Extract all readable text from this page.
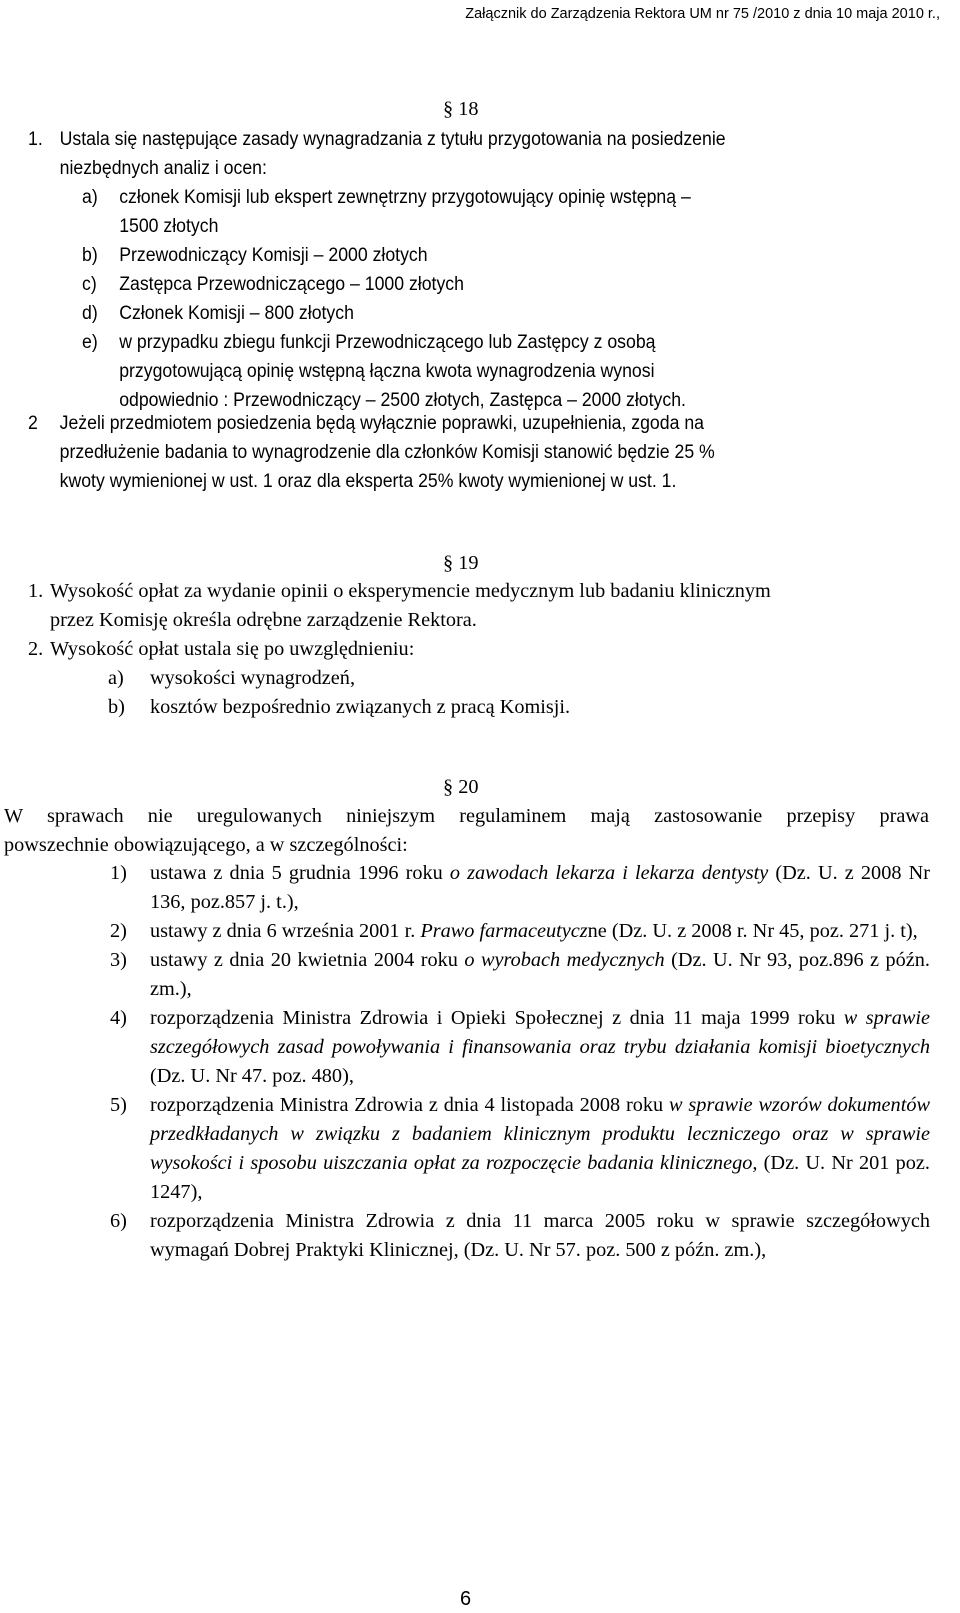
Załącznik do Zarządzenia Rektora UM nr 75 /2010 z dnia 10 maja 2010 r.,
§ 18
1. Ustala się następujące zasady wynagradzania z tytułu przygotowania na posiedzenie
niezbędnych analiz i ocen:
a)	członek Komisji lub ekspert zewnętrzny przygotowujący opinię wstępną –
1500 złotych
b)	Przewodniczący Komisji – 2000 złotych
c)	Zastępca Przewodniczącego – 1000 złotych
d)	Członek Komisji – 800 złotych
e)	w przypadku zbiegu funkcji Przewodniczącego lub Zastępcy z osobą
przygotowującą opinię wstępną łączna kwota wynagrodzenia wynosi
odpowiednio : Przewodniczący – 2500 złotych, Zastępca – 2000 złotych.
2	Jeżeli przedmiotem posiedzenia będą wyłącznie poprawki, uzupełnienia, zgoda na
przedłużenie badania to wynagrodzenie dla członków Komisji stanowić będzie 25 %
kwoty wymienionej w ust. 1 oraz dla eksperta 25% kwoty wymienionej w ust. 1.
§ 19
1. Wysokość opłat za wydanie opinii o eksperymencie medycznym lub badaniu klinicznym
przez Komisję określa odrębne zarządzenie Rektora.
2. Wysokość opłat ustala się po uwzględnieniu:
a)	wysokości wynagrodzeń,
b)	kosztów bezpośrednio związanych z pracą Komisji.
§ 20
W sprawach nie uregulowanych niniejszym regulaminem mają zastosowanie przepisy prawa
powszechnie obowiązującego, a w szczególności:
1)	ustawa z dnia 5 grudnia 1996 roku o zawodach lekarza i lekarza dentysty (Dz. U. z 2008 Nr 136, poz.857 j. t.),
2)	ustawy z dnia 6 września 2001 r. Prawo farmaceutyczne (Dz. U. z 2008 r. Nr 45, poz. 271 j. t),
3)	ustawy z dnia 20 kwietnia 2004 roku o wyrobach medycznych (Dz. U. Nr 93, poz.896 z późn. zm.),
4)	rozporządzenia Ministra Zdrowia i Opieki Społecznej z dnia 11 maja 1999 roku w sprawie szczegółowych zasad powoływania i finansowania oraz trybu działania komisji bioetycznych (Dz. U. Nr 47. poz. 480),
5)	rozporządzenia Ministra Zdrowia z dnia 4 listopada 2008 roku w sprawie wzorów dokumentów przedkładanych w związku z badaniem klinicznym produktu leczniczego oraz w sprawie wysokości i sposobu uiszczania opłat za rozpoczęcie badania klinicznego, (Dz. U. Nr 201 poz. 1247),
6)	rozporządzenia Ministra Zdrowia z dnia 11 marca 2005 roku w sprawie szczegółowych wymagań Dobrej Praktyki Klinicznej, (Dz. U. Nr 57. poz. 500 z późn. zm.),
6
